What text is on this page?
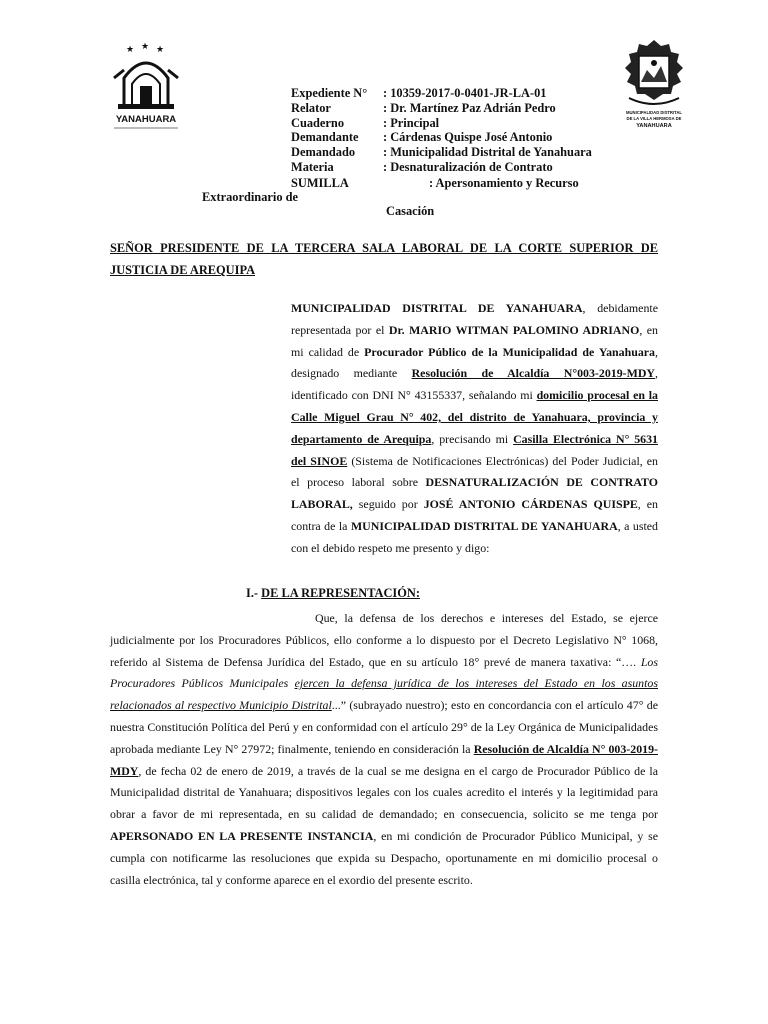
★ ★ ★
YANAHUARA
MUNICIPALIDAD DISTRITAL
DE LA VILLA HERMOSA DE
YANAHUARA
Expediente N°	: 10359-2017-0-0401-JR-LA-01
Relator	: Dr. Martínez Paz Adrián Pedro
Cuaderno	: Principal
Demandante	: Cárdenas Quispe José Antonio
Demandado	: Municipalidad Distrital de Yanahuara
Materia	: Desnaturalización de Contrato
SUMILLA	: Apersonamiento y Recurso
Extraordinario de
Casación
SEÑOR PRESIDENTE DE LA TERCERA SALA LABORAL DE LA CORTE SUPERIOR DE JUSTICIA DE AREQUIPA
MUNICIPALIDAD DISTRITAL DE YANAHUARA, debidamente representada por el Dr. MARIO WITMAN PALOMINO ADRIANO, en mi calidad de Procurador Público de la Municipalidad de Yanahuara, designado mediante Resolución de Alcaldía N°003-2019-MDY, identificado con DNI N° 43155337, señalando mi domicilio procesal en la Calle Miguel Grau N° 402, del distrito de Yanahuara, provincia y departamento de Arequipa, precisando mi Casilla Electrónica N° 5631 del SINOE (Sistema de Notificaciones Electrónicas) del Poder Judicial, en el proceso laboral sobre DESNATURALIZACIÓN DE CONTRATO LABORAL, seguido por JOSÉ ANTONIO CÁRDENAS QUISPE, en contra de la MUNICIPALIDAD DISTRITAL DE YANAHUARA, a usted con el debido respeto me presento y digo:
I.- DE LA REPRESENTACIÓN:
Que, la defensa de los derechos e intereses del Estado, se ejerce judicialmente por los Procuradores Públicos, ello conforme a lo dispuesto por el Decreto Legislativo N° 1068, referido al Sistema de Defensa Jurídica del Estado, que en su artículo 18° prevé de manera taxativa: “…. Los Procuradores Públicos Municipales ejercen la defensa jurídica de los intereses del Estado en los asuntos relacionados al respectivo Municipio Distrital...” (subrayado nuestro); esto en concordancia con el artículo 47° de nuestra Constitución Política del Perú y en conformidad con el artículo 29° de la Ley Orgánica de Municipalidades aprobada mediante Ley N° 27972; finalmente, teniendo en consideración la Resolución de Alcaldía N° 003-2019-MDY, de fecha 02 de enero de 2019, a través de la cual se me designa en el cargo de Procurador Público de la Municipalidad distrital de Yanahuara; dispositivos legales con los cuales acredito el interés y la legitimidad para obrar a favor de mi representada, en su calidad de demandado; en consecuencia, solicito se me tenga por APERSONADO EN LA PRESENTE INSTANCIA, en mi condición de Procurador Público Municipal, y se cumpla con notificarme las resoluciones que expida su Despacho, oportunamente en mi domicilio procesal o casilla electrónica, tal y conforme aparece en el exordio del presente escrito.
